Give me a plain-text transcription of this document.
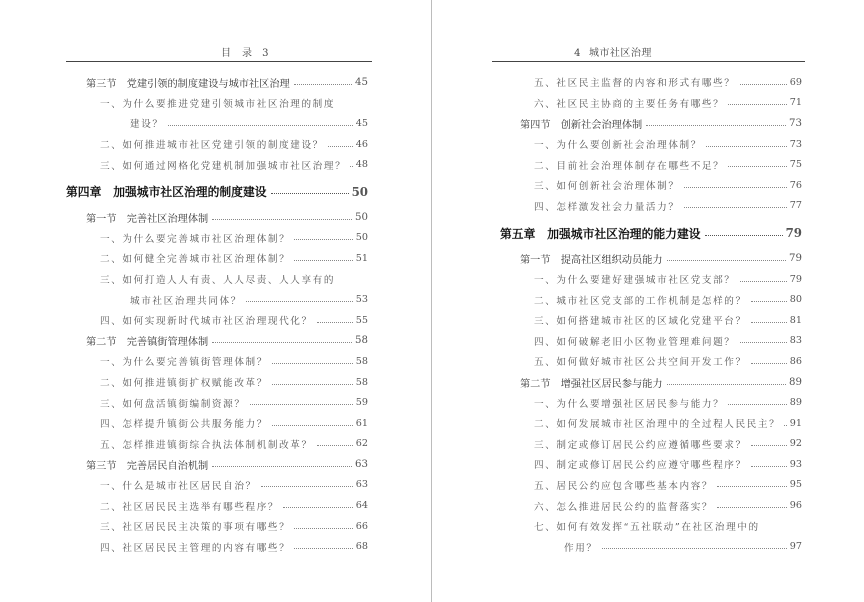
目　录 3
第三节　党建引领的制度建设与城市社区治理	45
一、为什么要推进党建引领城市社区治理的制度
建设？	45
二、如何推进城市社区党建引领的制度建设？	46
三、如何通过网格化党建机制加强城市社区治理？ 48
第四章　加强城市社区治理的制度建设	50
第一节　完善社区治理体制	50
一、为什么要完善城市社区治理体制？	50
二、如何健全完善城市社区治理体制？	51
三、如何打造人人有责、人人尽责、人人享有的
城市社区治理共同体？	53
四、如何实现新时代城市社区治理现代化？	55
第二节　完善镇街管理体制	58
一、为什么要完善镇街管理体制？	58
二、如何推进镇街扩权赋能改革？	58
三、如何盘活镇街编制资源？	59
四、怎样提升镇街公共服务能力？	61
五、怎样推进镇街综合执法体制机制改革？	62
第三节　完善居民自治机制	63
一、什么是城市社区居民自治？	63
二、社区居民民主选举有哪些程序？	64
三、社区居民民主决策的事项有哪些？	66
四、社区居民民主管理的内容有哪些？	68
4 城市社区治理
五、社区民主监督的内容和形式有哪些？	69
六、社区民主协商的主要任务有哪些？	71
第四节　创新社会治理体制	73
一、为什么要创新社会治理体制？	73
二、目前社会治理体制存在哪些不足？	75
三、如何创新社会治理体制？	76
四、怎样激发社会力量活力？	77
第五章　加强城市社区治理的能力建设	79
第一节　提高社区组织动员能力	79
一、为什么要建好建强城市社区党支部？	79
二、城市社区党支部的工作机制是怎样的？	80
三、如何搭建城市社区的区域化党建平台？	81
四、如何破解老旧小区物业管理难问题？	83
五、如何做好城市社区公共空间开发工作？	86
第二节　增强社区居民参与能力	89
一、为什么要增强社区居民参与能力？	89
二、如何发展城市社区治理中的全过程人民民主？ 91
三、制定或修订居民公约应遵循哪些要求？	92
四、制定或修订居民公约应遵守哪些程序？	93
五、居民公约应包含哪些基本内容？	95
六、怎么推进居民公约的监督落实？	96
七、如何有效发挥“五社联动”在社区治理中的
作用？	97
